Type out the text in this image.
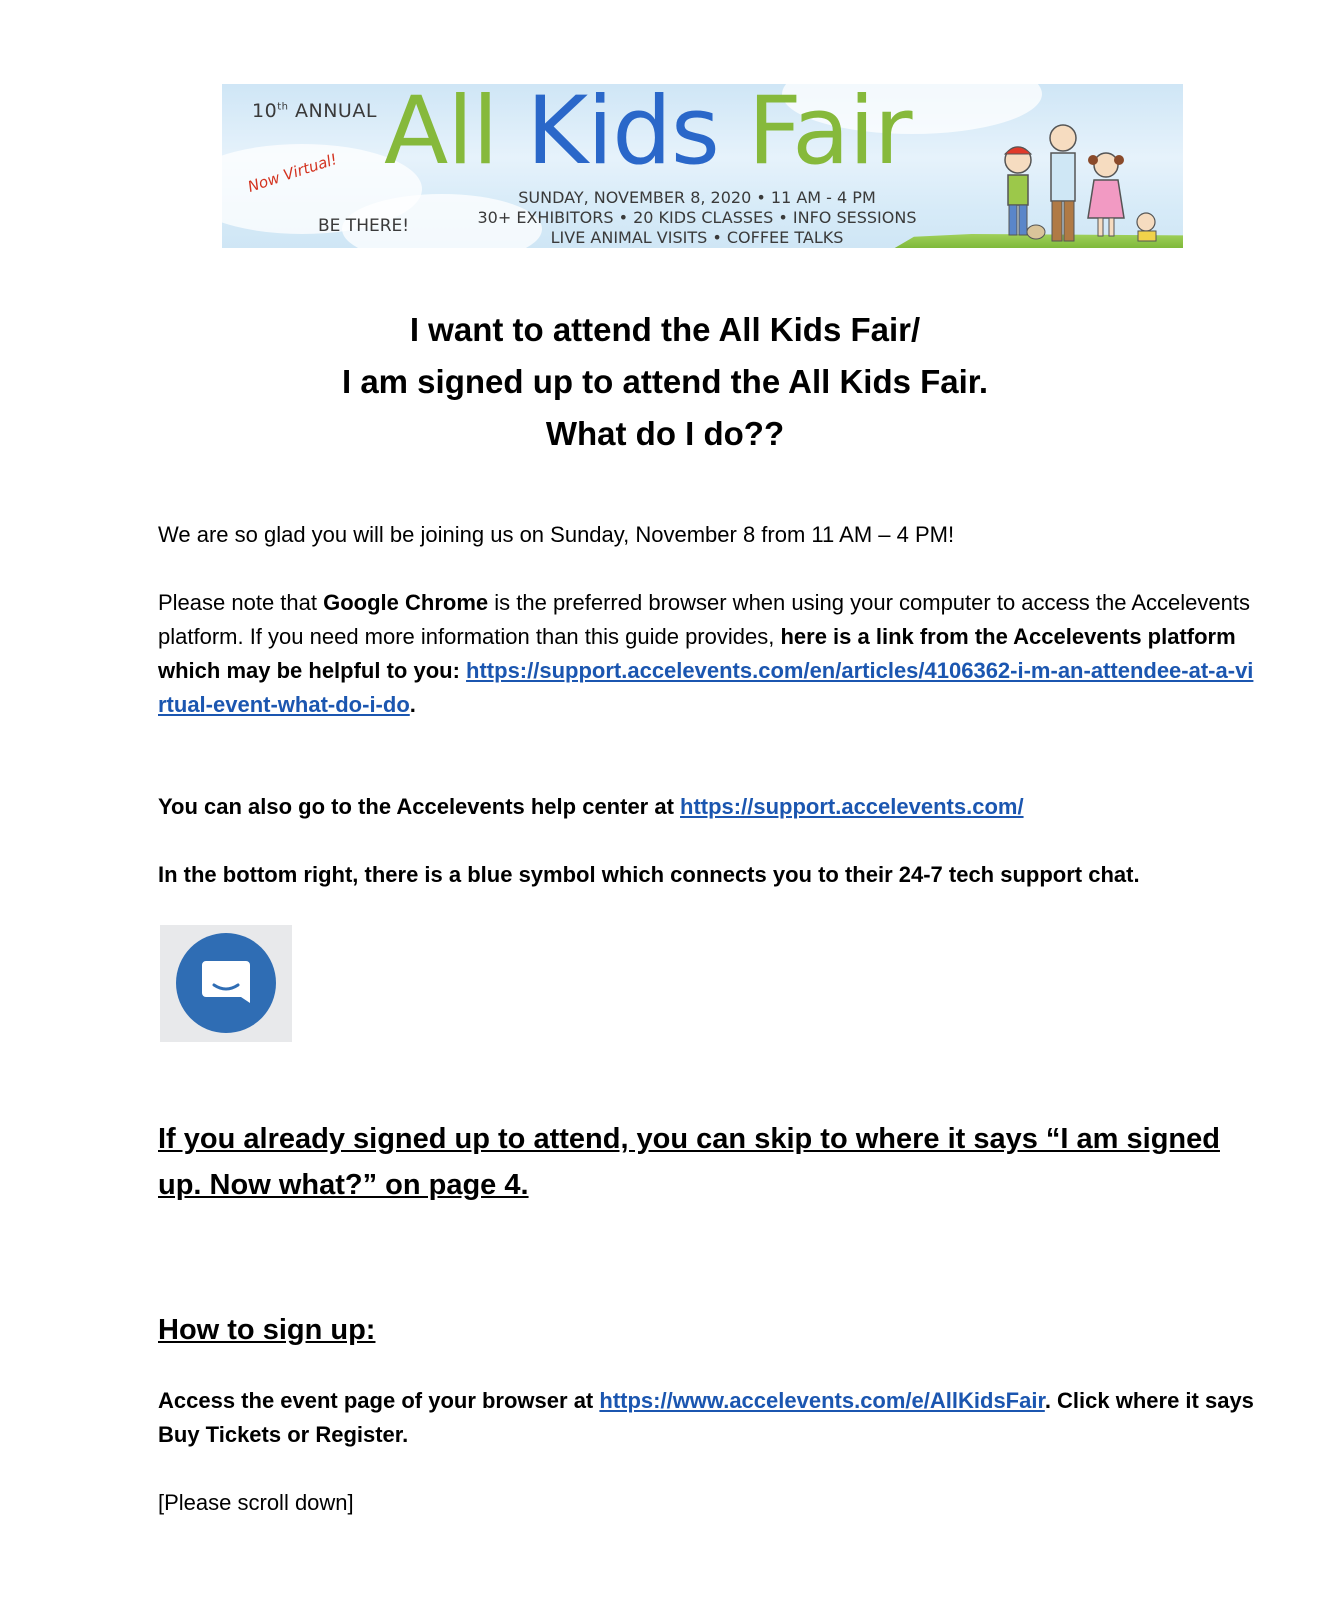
10th ANNUAL
Now Virtual!
BE THERE!
All Kids Fair
SUNDAY, NOVEMBER 8, 2020 • 11 AM - 4 PM
30+ EXHIBITORS • 20 KIDS CLASSES • INFO SESSIONS
LIVE ANIMAL VISITS • COFFEE TALKS
I want to attend the All Kids Fair/
I am signed up to attend the All Kids Fair.
What do I do??
We are so glad you will be joining us on Sunday, November 8 from 11 AM – 4 PM!
Please note that Google Chrome is the preferred browser when using your computer to access the Accelevents platform. If you need more information than this guide provides, here is a link from the Accelevents platform which may be helpful to you: https://support.accelevents.com/en/articles/4106362-i-m-an-attendee-at-a-virtual-event-what-do-i-do.
You can also go to the Accelevents help center at https://support.accelevents.com/
In the bottom right, there is a blue symbol which connects you to their 24-7 tech support chat.
If you already signed up to attend, you can skip to where it says “I am signed up. Now what?” on page 4.
How to sign up:
Access the event page of your browser at https://www.accelevents.com/e/AllKidsFair. Click where it says Buy Tickets or Register.
[Please scroll down]
